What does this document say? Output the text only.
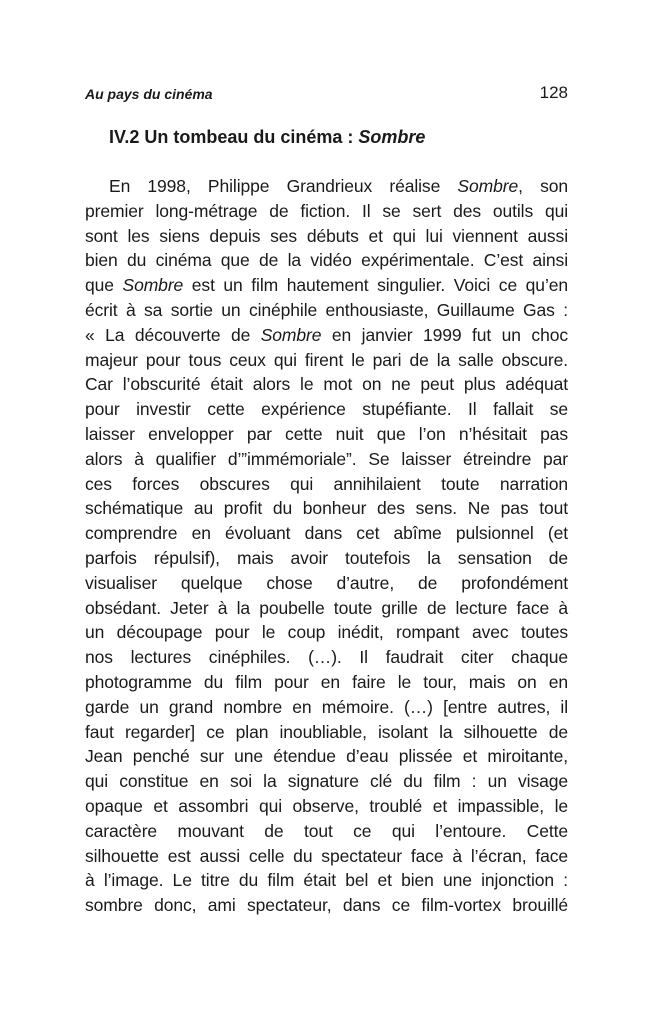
Au pays du cinéma	128
IV.2 Un tombeau du cinéma : Sombre
En 1998, Philippe Grandrieux réalise Sombre, son
premier long-métrage de fiction. Il se sert des outils qui
sont les siens depuis ses débuts et qui lui viennent aussi
bien du cinéma que de la vidéo expérimentale. C’est ainsi
que Sombre est un film hautement singulier. Voici ce qu’en
écrit à sa sortie un cinéphile enthousiaste, Guillaume Gas :
« La découverte de Sombre en janvier 1999 fut un choc
majeur pour tous ceux qui firent le pari de la salle obscure.
Car l’obscurité était alors le mot on ne peut plus adéquat
pour investir cette expérience stupéfiante. Il fallait se
laisser envelopper par cette nuit que l’on n’hésitait pas
alors à qualifier d’”immémoriale”. Se laisser étreindre par
ces forces obscures qui annihilaient toute narration
schématique au profit du bonheur des sens. Ne pas tout
comprendre en évoluant dans cet abîme pulsionnel (et
parfois répulsif), mais avoir toutefois la sensation de
visualiser quelque chose d’autre, de profondément
obsédant. Jeter à la poubelle toute grille de lecture face à
un découpage pour le coup inédit, rompant avec toutes
nos lectures cinéphiles. (…). Il faudrait citer chaque
photogramme du film pour en faire le tour, mais on en
garde un grand nombre en mémoire. (…) [entre autres, il
faut regarder] ce plan inoubliable, isolant la silhouette de
Jean penché sur une étendue d’eau plissée et miroitante,
qui constitue en soi la signature clé du film : un visage
opaque et assombri qui observe, troublé et impassible, le
caractère mouvant de tout ce qui l’entoure. Cette
silhouette est aussi celle du spectateur face à l’écran, face
à l’image. Le titre du film était bel et bien une injonction :
sombre donc, ami spectateur, dans ce film-vortex brouillé
